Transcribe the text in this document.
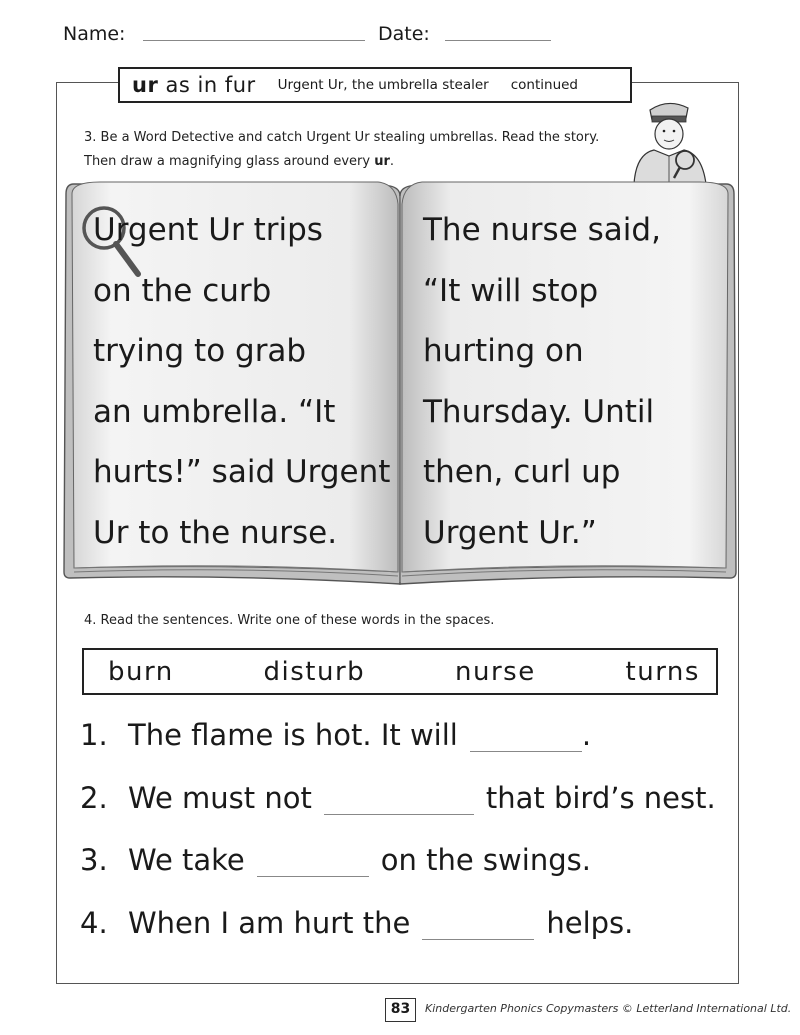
Name:	Date:
ur as in fur Urgent Ur, the umbrella stealer continued
3. Be a Word Detective and catch Urgent Ur stealing umbrellas. Read the story.
Then draw a magnifying glass around every ur.
Urgent Ur trips
on the curb
trying to grab
an umbrella. “It
hurts!” said Urgent
Ur to the nurse.
The nurse said,
“It will stop
hurting on
Thursday. Until
then, curl up
Urgent Ur.”
4. Read the sentences. Write one of these words in the spaces.
burn	disturb	nurse	turns
1. The flame is hot. It will	.
2. We must not	that bird’s nest.
3. We take	on the swings.
4. When I am hurt the	helps.
83	Kindergarten Phonics Copymasters © Letterland International Ltd.
